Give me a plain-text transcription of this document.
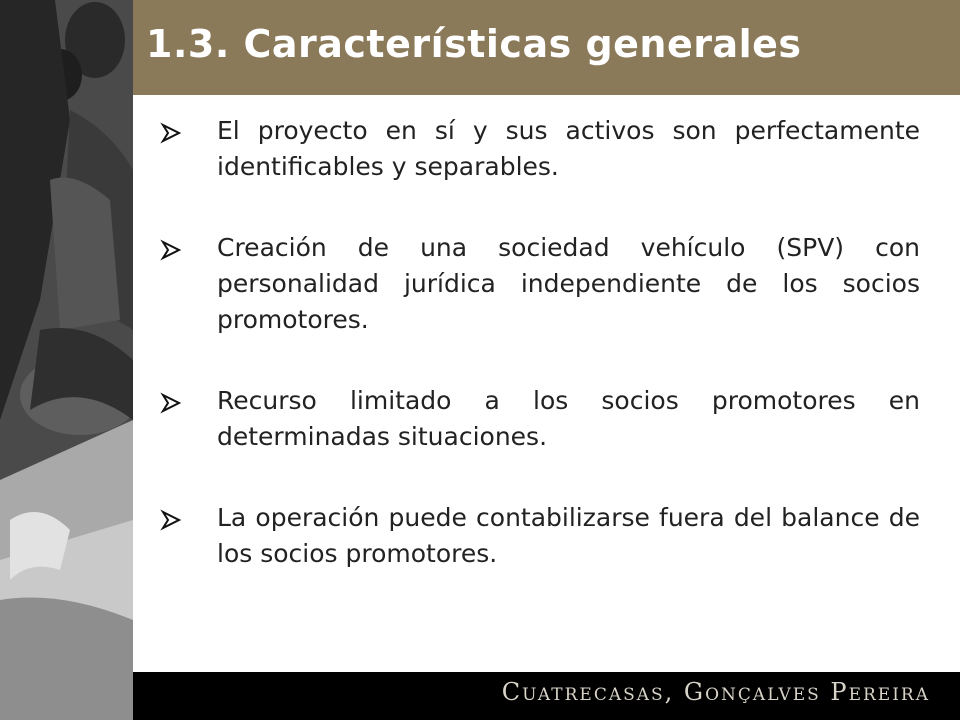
1.3. Características generales
El proyecto en sí y sus activos son perfectamente identificables y separables.
Creación de una sociedad vehículo (SPV) con personalidad jurídica independiente de los socios promotores.
Recurso limitado a los socios promotores en determinadas situaciones.
La operación puede contabilizarse fuera del balance de los socios promotores.
Cuatrecasas, Gonçalves Pereira
